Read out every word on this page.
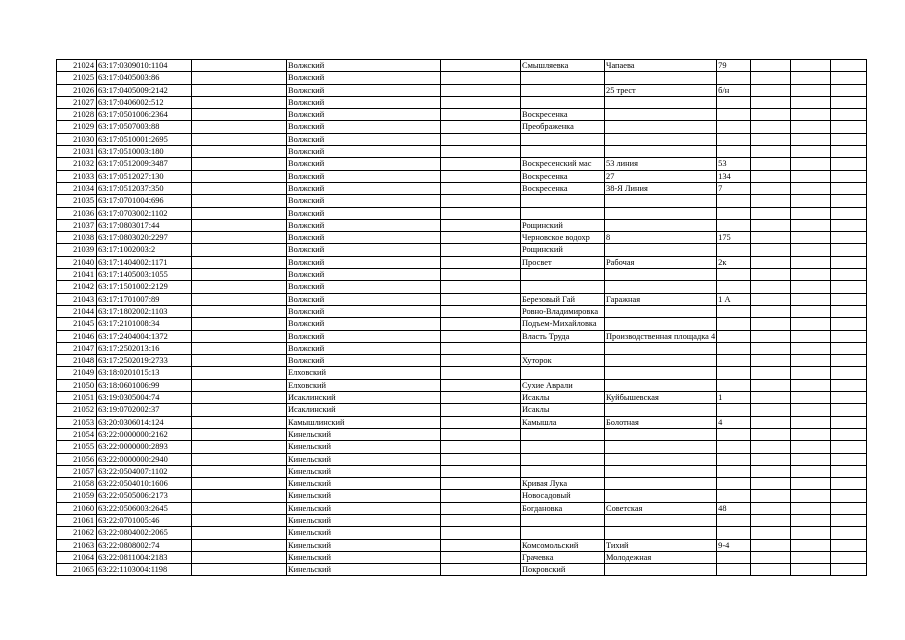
21024	63:17:0309010:1104		Волжский		Смышляевка	Чапаева	79			
21025	63:17:0405003:86		Волжский							
21026	63:17:0405009:2142		Волжский			25 трест	б/н			
21027	63:17:0406002:512		Волжский							
21028	63:17:0501006:2364		Волжский		Воскресенка					
21029	63:17:0507003:88		Волжский		Преображенка					
21030	63:17:0510001:2695		Волжский							
21031	63:17:0510003:180		Волжский							
21032	63:17:0512009:3487		Волжский		Воскресенский мас	53 линия	53			
21033	63:17:0512027:130		Волжский		Воскресенка	27	134			
21034	63:17:0512037:350		Волжский		Воскресенка	38-Я Линия	7			
21035	63:17:0701004:696		Волжский							
21036	63:17:0703002:1102		Волжский							
21037	63:17:0803017:44		Волжский		Рощинский					
21038	63:17:0803020:2297		Волжский		Черновское водохр	8	175			
21039	63:17:1002003:2		Волжский		Рощинский					
21040	63:17:1404002:1171		Волжский		Просвет	Рабочая	2к			
21041	63:17:1405003:1055		Волжский							
21042	63:17:1501002:2129		Волжский							
21043	63:17:1701007:89		Волжский		Березовый Гай	Гаражная	1 А			
21044	63:17:1802002:1103		Волжский		Ровно-Владимировка					
21045	63:17:2101008:34		Волжский		Подъем-Михайловка					
21046	63:17:2404004:1372		Волжский		Власть Труда	Производственная площадка 4				
21047	63:17:2502013:16		Волжский							
21048	63:17:2502019:2733		Волжский		Хуторок					
21049	63:18:0201015:13		Елховский							
21050	63:18:0601006:99		Елховский		Сухие Аврали					
21051	63:19:0305004:74		Исаклинский		Исаклы	Куйбышевская	1			
21052	63:19:0702002:37		Исаклинский		Исаклы					
21053	63:20:0306014:124		Камышлинский		Камышла	Болотная	4			
21054	63:22:0000000:2162		Кинельский							
21055	63:22:0000000:2893		Кинельский							
21056	63:22:0000000:2940		Кинельский							
21057	63:22:0504007:1102		Кинельский							
21058	63:22:0504010:1606		Кинельский		Кривая Лука					
21059	63:22:0505006:2173		Кинельский		Новосадовый					
21060	63:22:0506003:2645		Кинельский		Богдановка	Советская	48			
21061	63:22:0701005:46		Кинельский							
21062	63:22:0804002:2065		Кинельский							
21063	63:22:0808002:74		Кинельский		Комсомольский	Тихий	9-4			
21064	63:22:0811004:2183		Кинельский		Грачевка	Молодежная				
21065	63:22:1103004:1198		Кинельский		Покровский					
